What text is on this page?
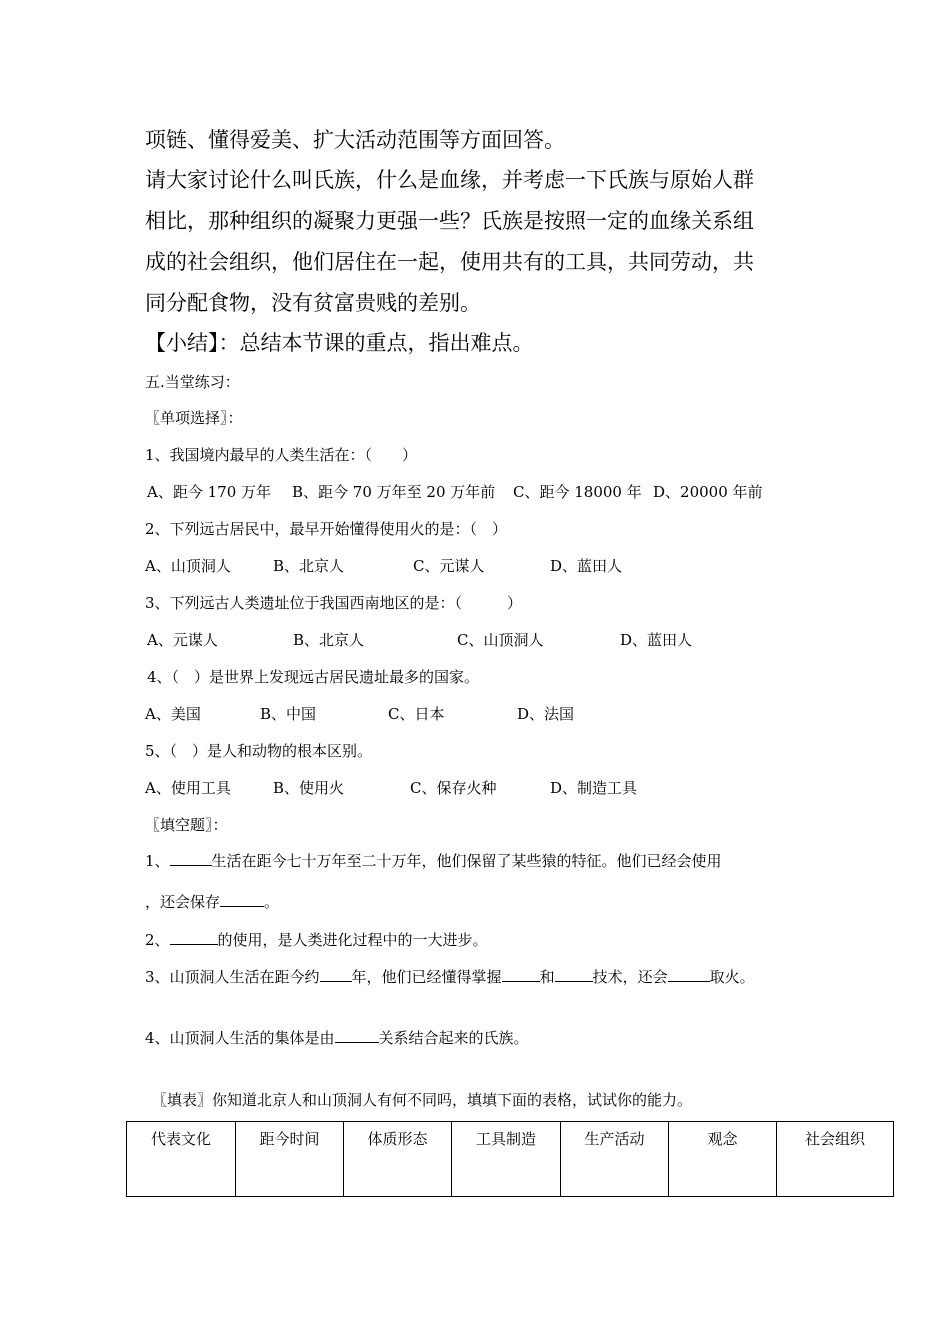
项链、懂得爱美、扩大活动范围等方面回答。
请大家讨论什么叫氏族，什么是血缘，并考虑一下氏族与原始人群
相比，那种组织的凝聚力更强一些？氏族是按照一定的血缘关系组
成的社会组织，他们居住在一起，使用共有的工具，共同劳动，共
同分配食物，没有贫富贵贱的差别。
【小结】：总结本节课的重点，指出难点。
五.当堂练习：
〖单项选择〗：
1、我国境内最早的人类生活在：（　　）
A、距今 170 万年 B、距今 70 万年至 20 万年前 C、距今 18000 年 D、20000 年前
2、下列远古居民中，最早开始懂得使用火的是：（　）
A、山顶洞人	B、北京人	C、元谋人	D、蓝田人
3、下列远古人类遗址位于我国西南地区的是：（　　　）
A、元谋人	B、北京人	C、山顶洞人	D、蓝田人
4、（　）是世界上发现远古居民遗址最多的国家。
A、美国	B、中国	C、日本	D、法国
5、（　）是人和动物的根本区别。
A、使用工具	B、使用火	C、保存火种	D、制造工具
〖填空题〗：
1、	生活在距今七十万年至二十万年，他们保留了某些猿的特征。他们已经会使用
，还会保存	。
2、	的使用，是人类进化过程中的一大进步。
3、山顶洞人生活在距今约 年，他们已经懂得掌握	和	技术，还会	取火。
4、山顶洞人生活的集体是由	关系结合起来的氏族。
〖填表〗你知道北京人和山顶洞人有何不同吗，填填下面的表格，试试你的能力。
代表文化	距今时间	体质形态	工具制造	生产活动	观念	社会组织
